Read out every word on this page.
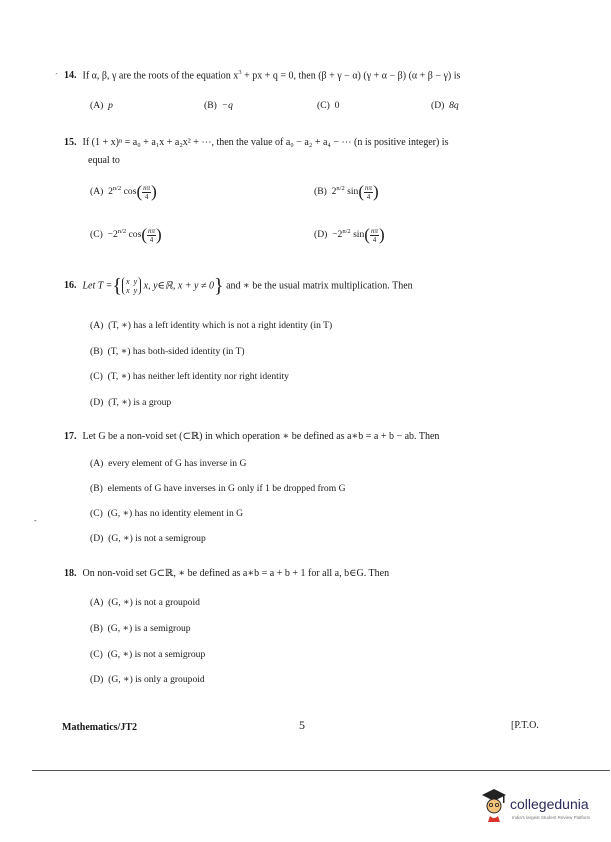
´
-
14. If α, β, γ are the roots of the equation $x^3$ + px + q = 0, then (β + γ − α) (γ + α − β) (α + β − γ) is
(A) p	(B) −q	(C) 0	(D) 8q
15. If (1 + x)ⁿ = a₀ + a₁x + a₂x² + ⋯, then the value of a₀ − a₂ + a₄ − ⋯ (n is positive integer) is
equal to
(A) $2^{n/2}$ $\cos( \frac{n\pi}{4}$ )	(B) $2^{n/2}$ $\sin( \frac{n\pi}{4}$ )
$(C) -2^{n/2}$ $\cos( \frac{n\pi}{4}$ )	$(D) -2^{n/2}$ $\sin( \frac{n\pi}{4}$ )
16. Let T ={ x y
x y x, y∈ℝ, x + y ≠ 0} and ∗ be the usual matrix multiplication. Then
(A) (T, ∗) has a left identity which is not a right identity (in T)
(B) (T, ∗) has both-sided identity (in T)
(C) (T, ∗) has neither left identity nor right identity
(D) (T, ∗) is a group
17. Let G be a non-void set (⊂ℝ) in which operation ∗ be defined as a∗b = a + b − ab. Then
(A) every element of G has inverse in G
(B) elements of G have inverses in G only if 1 be dropped from G
(C) (G, ∗) has no identity element in G
(D) (G, ∗) is not a semigroup
18. On non-void set G⊂ℝ, ∗ be defined as a∗b = a + b + 1 for all a, b∈G. Then
(A) (G, ∗) is not a groupoid
(B) (G, ∗) is a semigroup
(C) (G, ∗) is not a semigroup
(D) (G, ∗) is only a groupoid
Mathematics/JT2	5	[P.T.O.
collegedunia
India's largest Student Review Platform
